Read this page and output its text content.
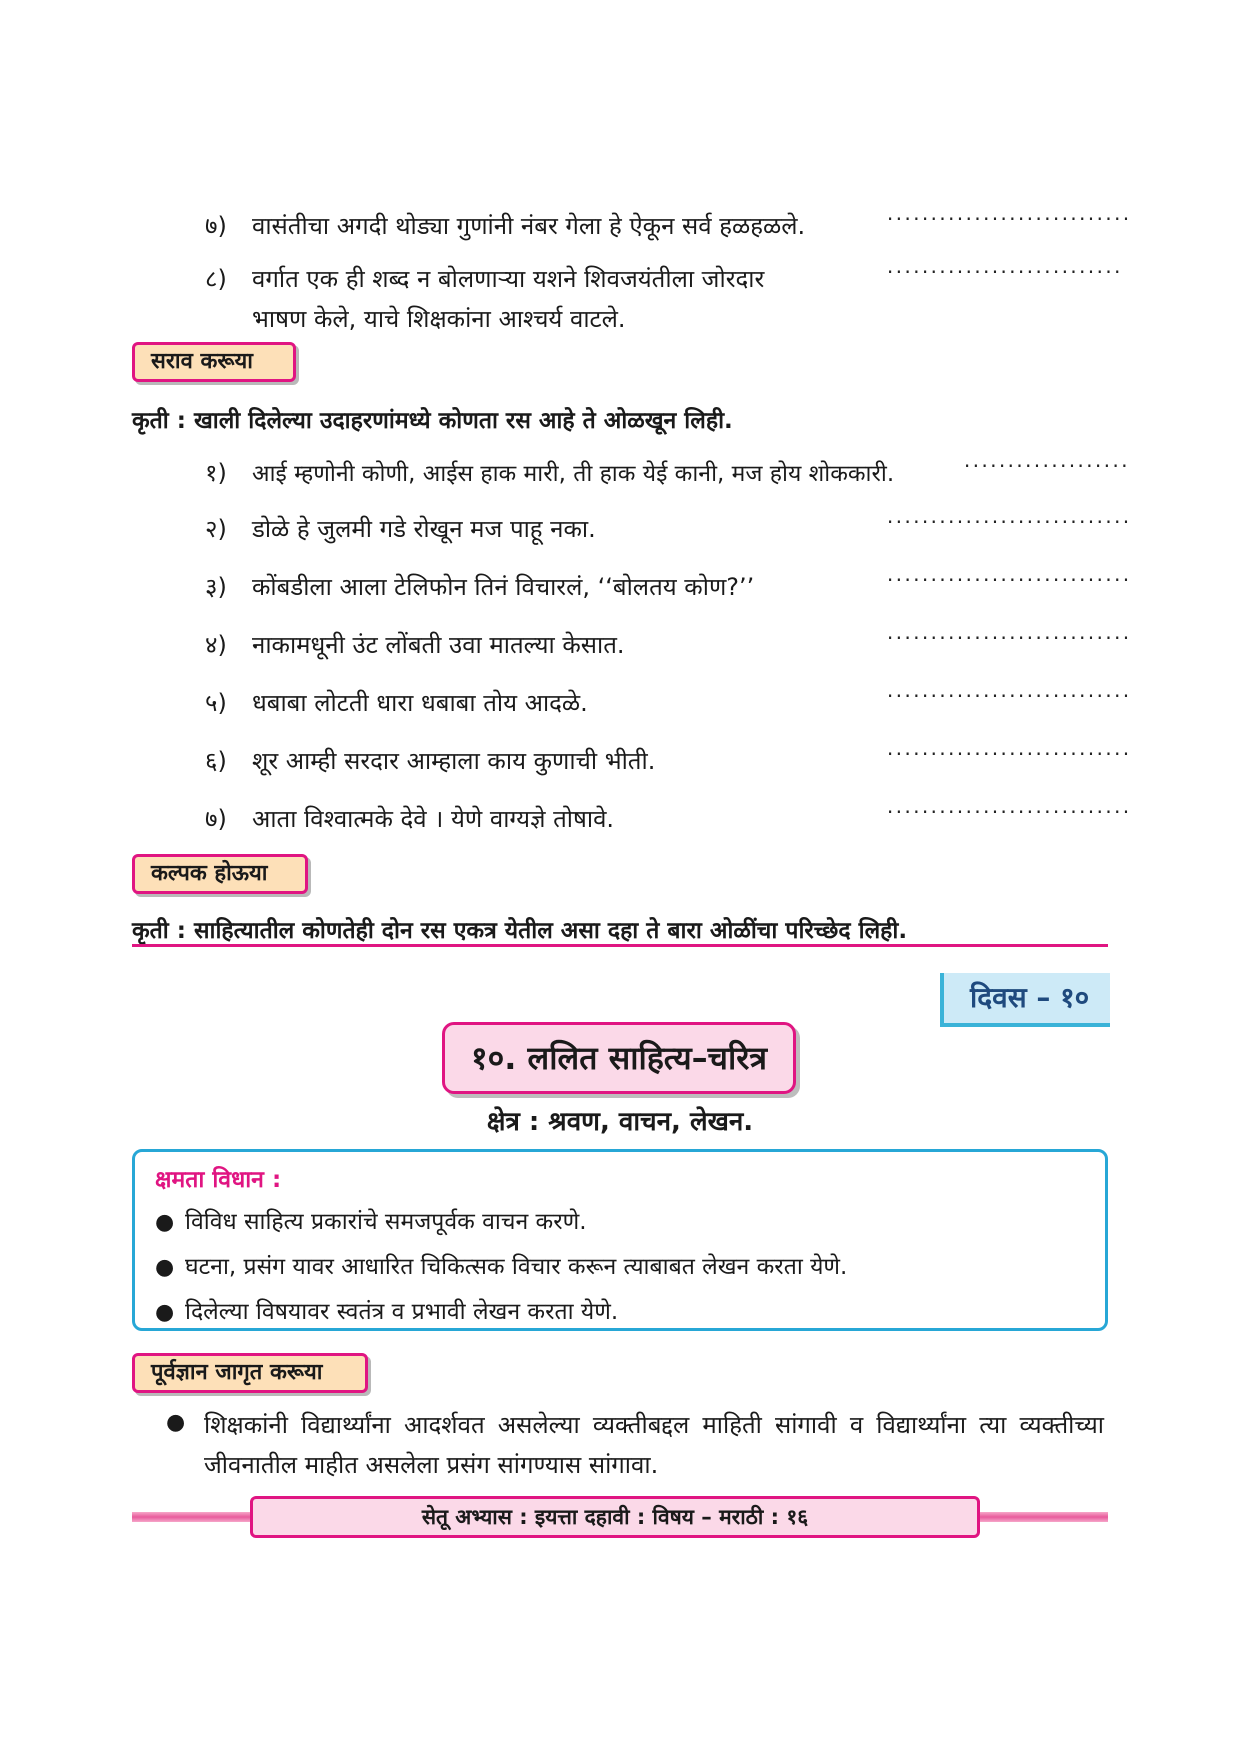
७) वासंतीचा अगदी थोड्या गुणांनी नंबर गेला हे ऐकून सर्व हळहळले.	............................
८) वर्गात एक ही शब्द न बोलणाऱ्या यशने शिवजयंतीला जोरदार
भाषण केले, याचे शिक्षकांना आश्चर्य वाटले.
...........................
सराव करूया
कृती : खाली दिलेल्या उदाहरणांमध्ये कोणता रस आहे ते ओळखून लिही.
१) आई म्हणोनी कोणी, आईस हाक मारी, ती हाक येई कानी, मज होय शोककारी.	...................
२) डोळे हे जुलमी गडे रोखून मज पाहू नका.	............................
३) कोंबडीला आला टेलिफोन तिनं विचारलं, ‘‘बोलतय कोण?’’	............................
४) नाकामधूनी उंट लोंबती उवा मातल्या केसात.	............................
५) धबाबा लोटती धारा धबाबा तोय आदळे.	............................
६) शूर आम्ही सरदार आम्हाला काय कुणाची भीती.	............................
७) आता विश्वात्मके देवे । येणे वाग्यज्ञे तोषावे.	............................
कल्पक होऊया
कृती : साहित्यातील कोणतेही दोन रस एकत्र येतील असा दहा ते बारा ओळींचा परिच्छेद लिही.
दिवस – १०
१०. ललित साहित्य–चरित्र
क्षेत्र : श्रवण, वाचन, लेखन.
क्षमता विधान :
● विविध साहित्य प्रकारांचे समजपूर्वक वाचन करणे.
● घटना, प्रसंग यावर आधारित चिकित्सक विचार करून त्याबाबत लेखन करता येणे.
● दिलेल्या विषयावर स्वतंत्र व प्रभावी लेखन करता येणे.
पूर्वज्ञान जागृत करूया
● शिक्षकांनी विद्यार्थ्यांना आदर्शवत असलेल्या व्यक्तीबद्दल माहिती सांगावी व विद्यार्थ्यांना त्या व्यक्तीच्या जीवनातील माहीत असलेला प्रसंग सांगण्यास सांगावा.
सेतू अभ्यास : इयत्ता दहावी : विषय – मराठी : १६
